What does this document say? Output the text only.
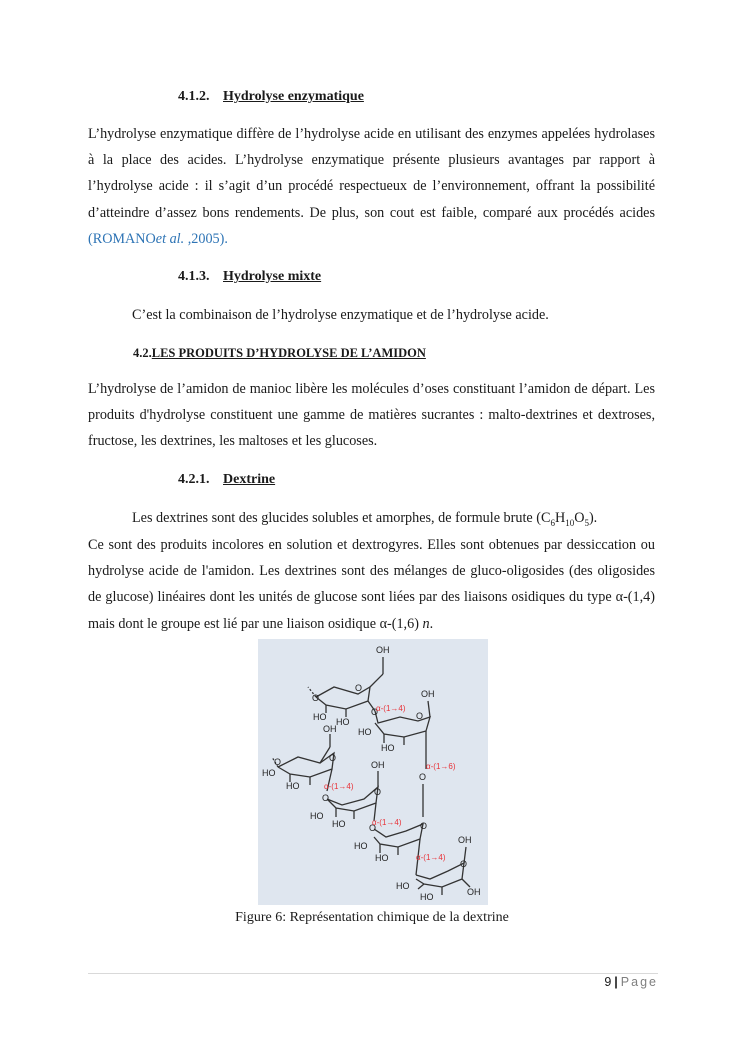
4.1.2. Hydrolyse enzymatique

L’hydrolyse enzymatique diffère de l’hydrolyse acide en utilisant des enzymes appelées hydrolases à la place des acides. L’hydrolyse enzymatique présente plusieurs avantages par rapport à l’hydrolyse acide : il s’agit d’un procédé respectueux de l’environnement, offrant la possibilité d’atteindre d’assez bons rendements. De plus, son cout est faible, comparé aux procédés acides (ROMANOet al. ,2005).

4.1.3. Hydrolyse mixte
C’est la combinaison de l’hydrolyse enzymatique et de l’hydrolyse acide.
4.2.LES PRODUITS D’HYDROLYSE DE L’AMIDON

L’hydrolyse de l’amidon de manioc libère les molécules d’oses constituant l’amidon de départ. Les produits d'hydrolyse constituent une gamme de matières sucrantes : malto-dextrines et dextroses, fructose, les dextrines, les maltoses et les glucoses.

4.2.1. Dextrine
Les dextrines sont des glucides solubles et amorphes, de formule brute $(C_6H_{10}O_5)$.

Ce sont des produits incolores en solution et dextrogyres. Elles sont obtenues par dessiccation ou hydrolyse acide de l'amidon. Les dextrines sont des mélanges de gluco-oligosides (des oligosides de glucose) linéaires dont les unités de glucose sont liées par des liaisons osidiques du type α-(1,4) mais dont le groupe est lié par une liaison osidique α-(1,6) n.

OH
HO HO
O
O
O
OH
O
HO
HO
OH
O
O
HO
HO
OH
O
O
O
HO
HO	O	O
HO
HO
OH
O
HO
HO	OH
α-(1→4)
α-(1→6)
α-(1→4)
α-(1→4)
α-(1→4)
Figure 6: Représentation chimique de la dextrine
9 | Page
